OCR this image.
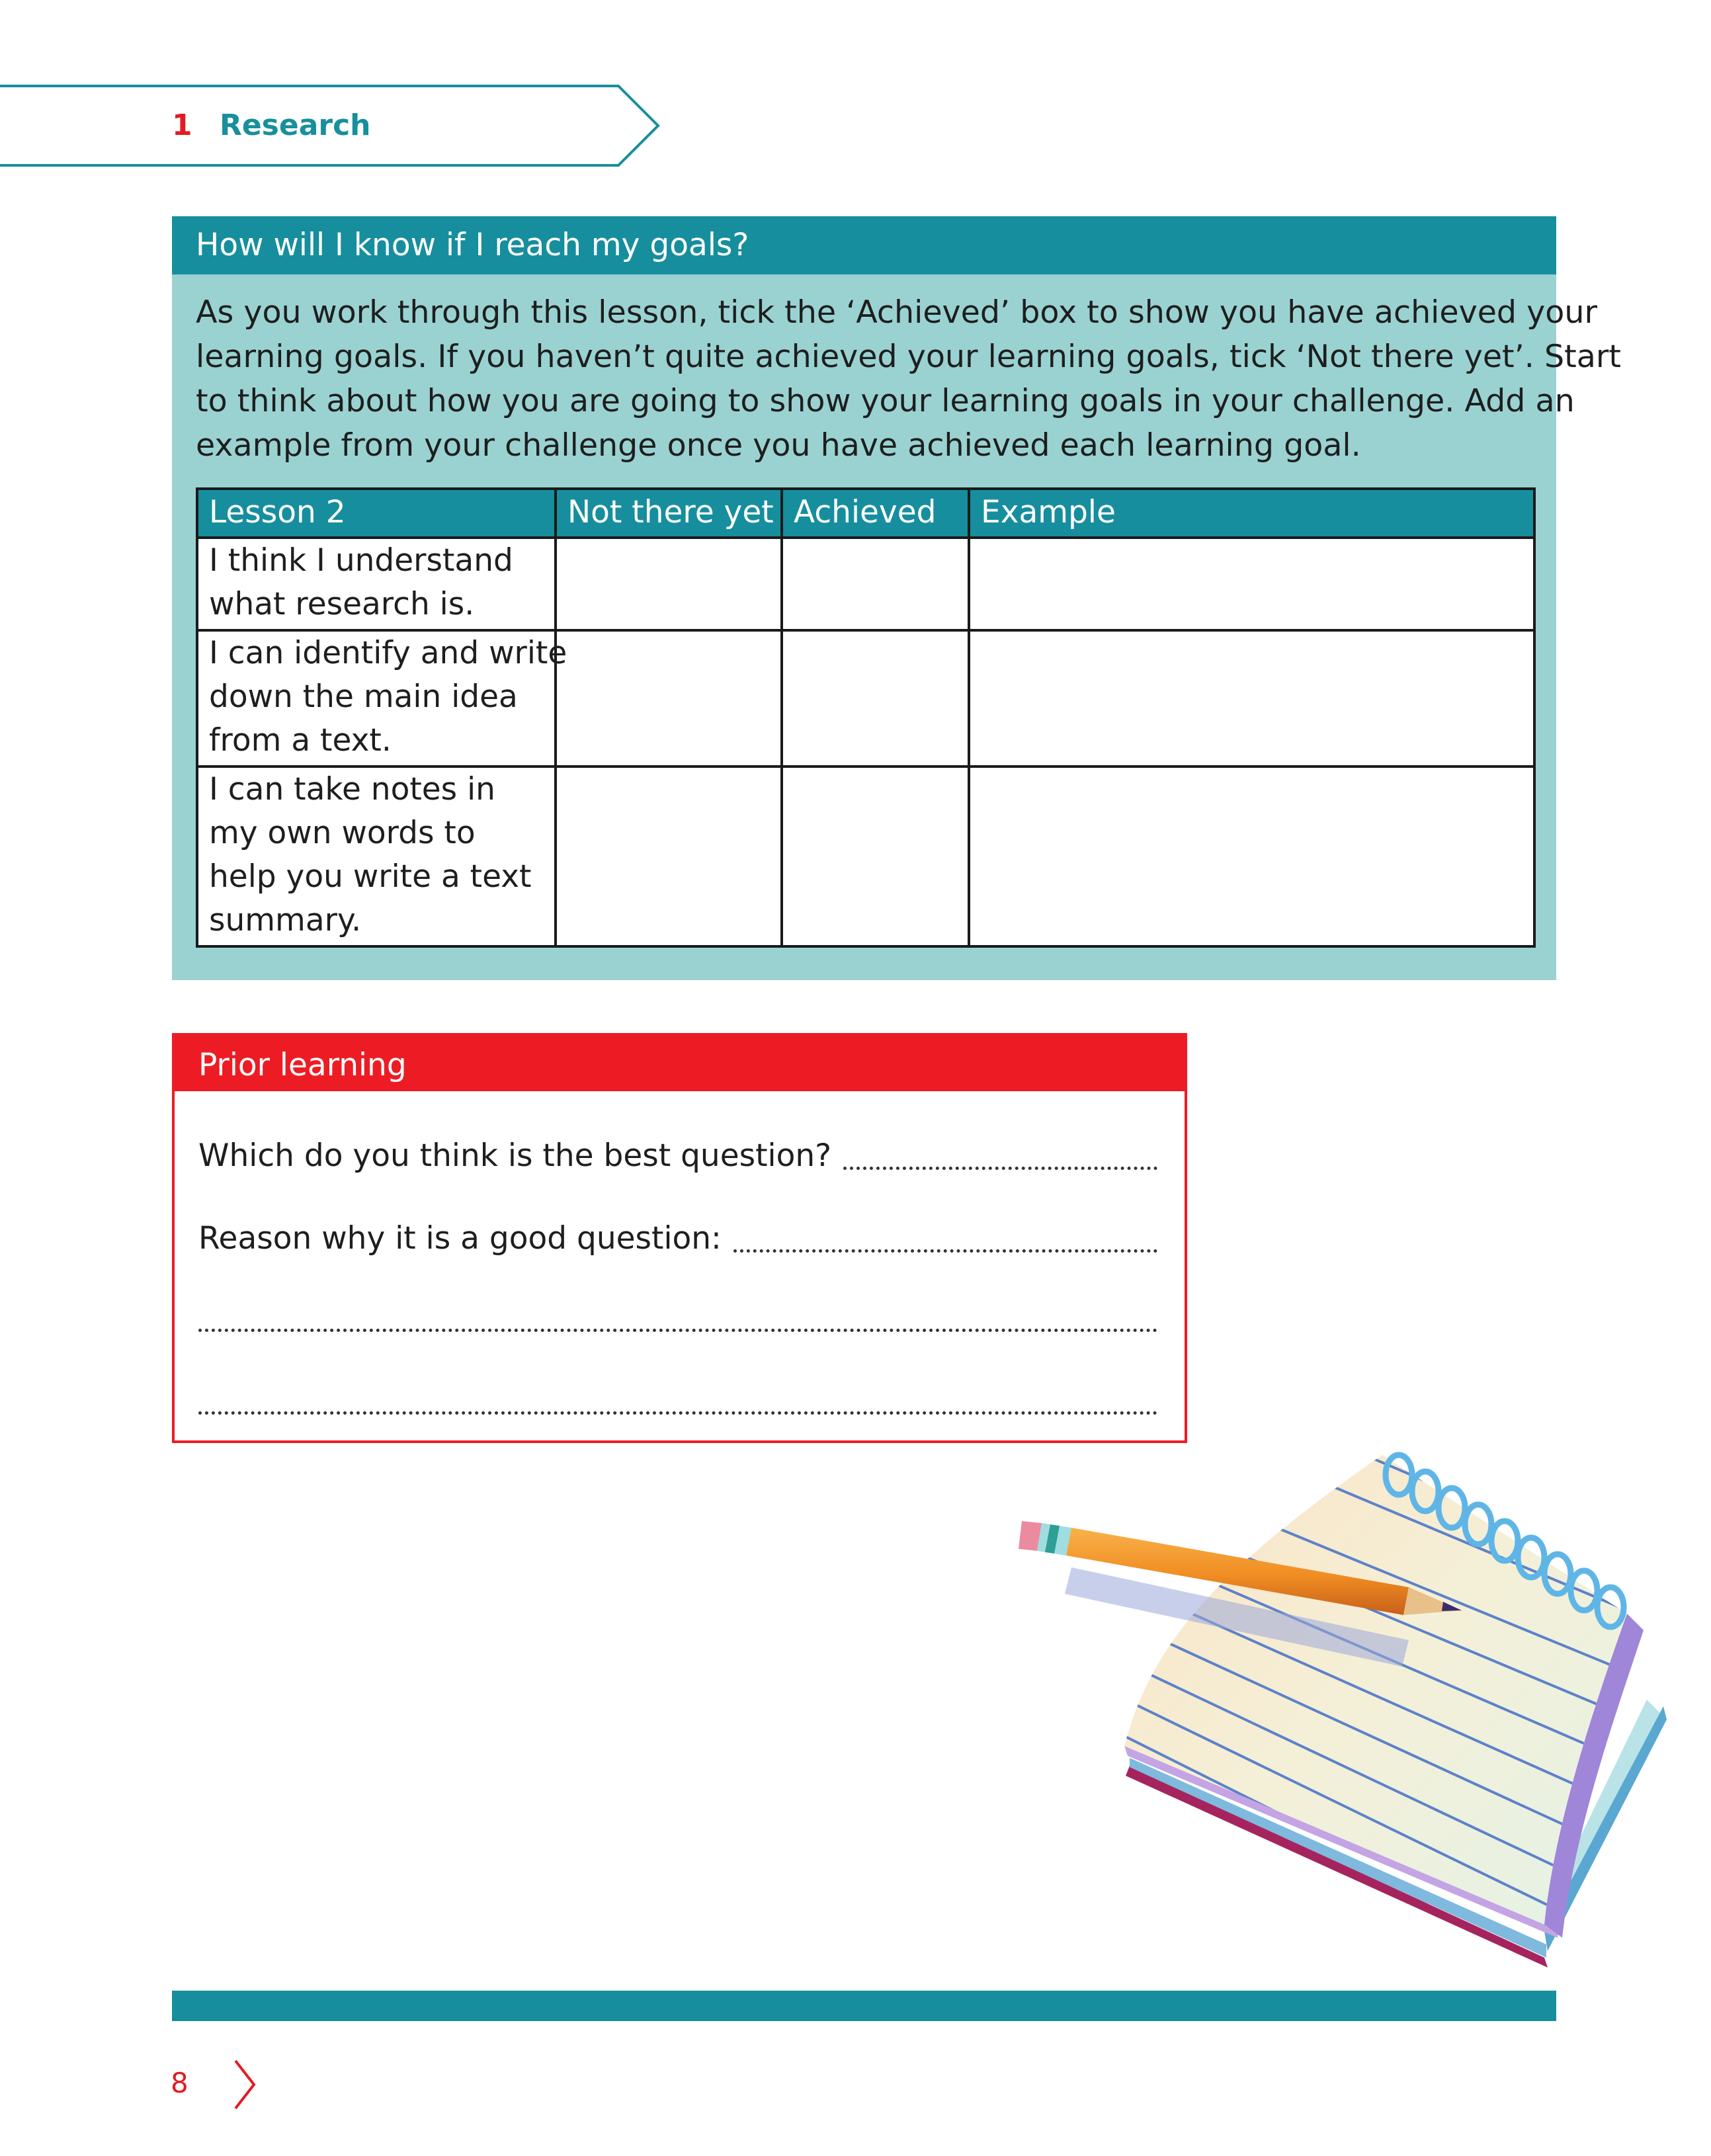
1 Research
How will I know if I reach my goals?
As you work through this lesson, tick the ‘Achieved’ box to show you have achieved your
learning goals. If you haven’t quite achieved your learning goals, tick ‘Not there yet’. Start
to think about how you are going to show your learning goals in your challenge. Add an
example from your challenge once you have achieved each learning goal.
Lesson 2	Not there yet	Achieved	Example

I think I understand
what research is.			

I can identify and write
down the main idea
from a text.			

I can take notes in
my own words to
help you write a text
summary.			

Prior learning
Which do you think is the best question?
Reason why it is a good question:
8
